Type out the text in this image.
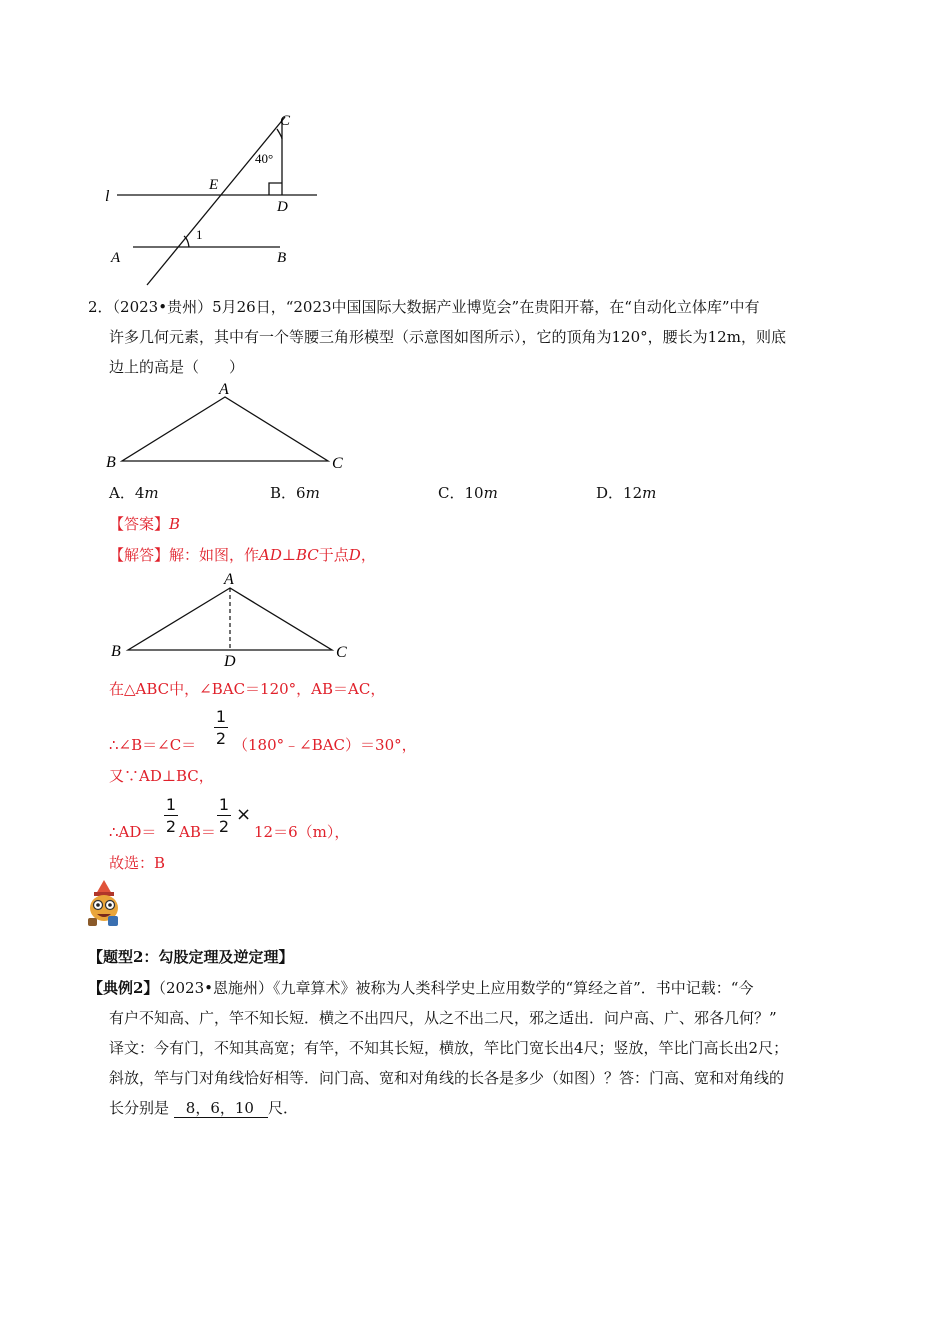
C
40°
E
D
l
A	B
1
2．（2023•贵州）5月26日，“2023中国国际大数据产业博览会”在贵阳开幕，在“自动化立体库”中有
许多几何元素，其中有一个等腰三角形模型（示意图如图所示），它的顶角为120°，腰长为12m，则底
边上的高是（　　）
A
B	C
A．4m	B．6m	C．10m	D．12m
【答案】B
【解答】解：如图，作AD⊥BC于点D，
A
B	C
D
在△ABC中，∠BAC＝120°，AB＝AC，
∴∠B＝∠C＝
1
2 （180°﹣∠BAC）＝30°，
又∵AD⊥BC，
∴AD＝
1
2 AB＝
1
2
×
12＝6（m），
故选：B
【题型2：勾股定理及逆定理】
【典例2】（2023•恩施州）《九章算术》被称为人类科学史上应用数学的“算经之首”．书中记载：“今
有户不知高、广，竿不知长短．横之不出四尺，从之不出二尺，邪之适出．问户高、广、邪各几何？”
译文：今有门，不知其高宽；有竿，不知其长短，横放，竿比门宽长出4尺；竖放，竿比门高长出2尺；
斜放，竿与门对角线恰好相等．问门高、宽和对角线的长各是多少（如图）？答：门高、宽和对角线的
长分别是 8，6，10 尺．
